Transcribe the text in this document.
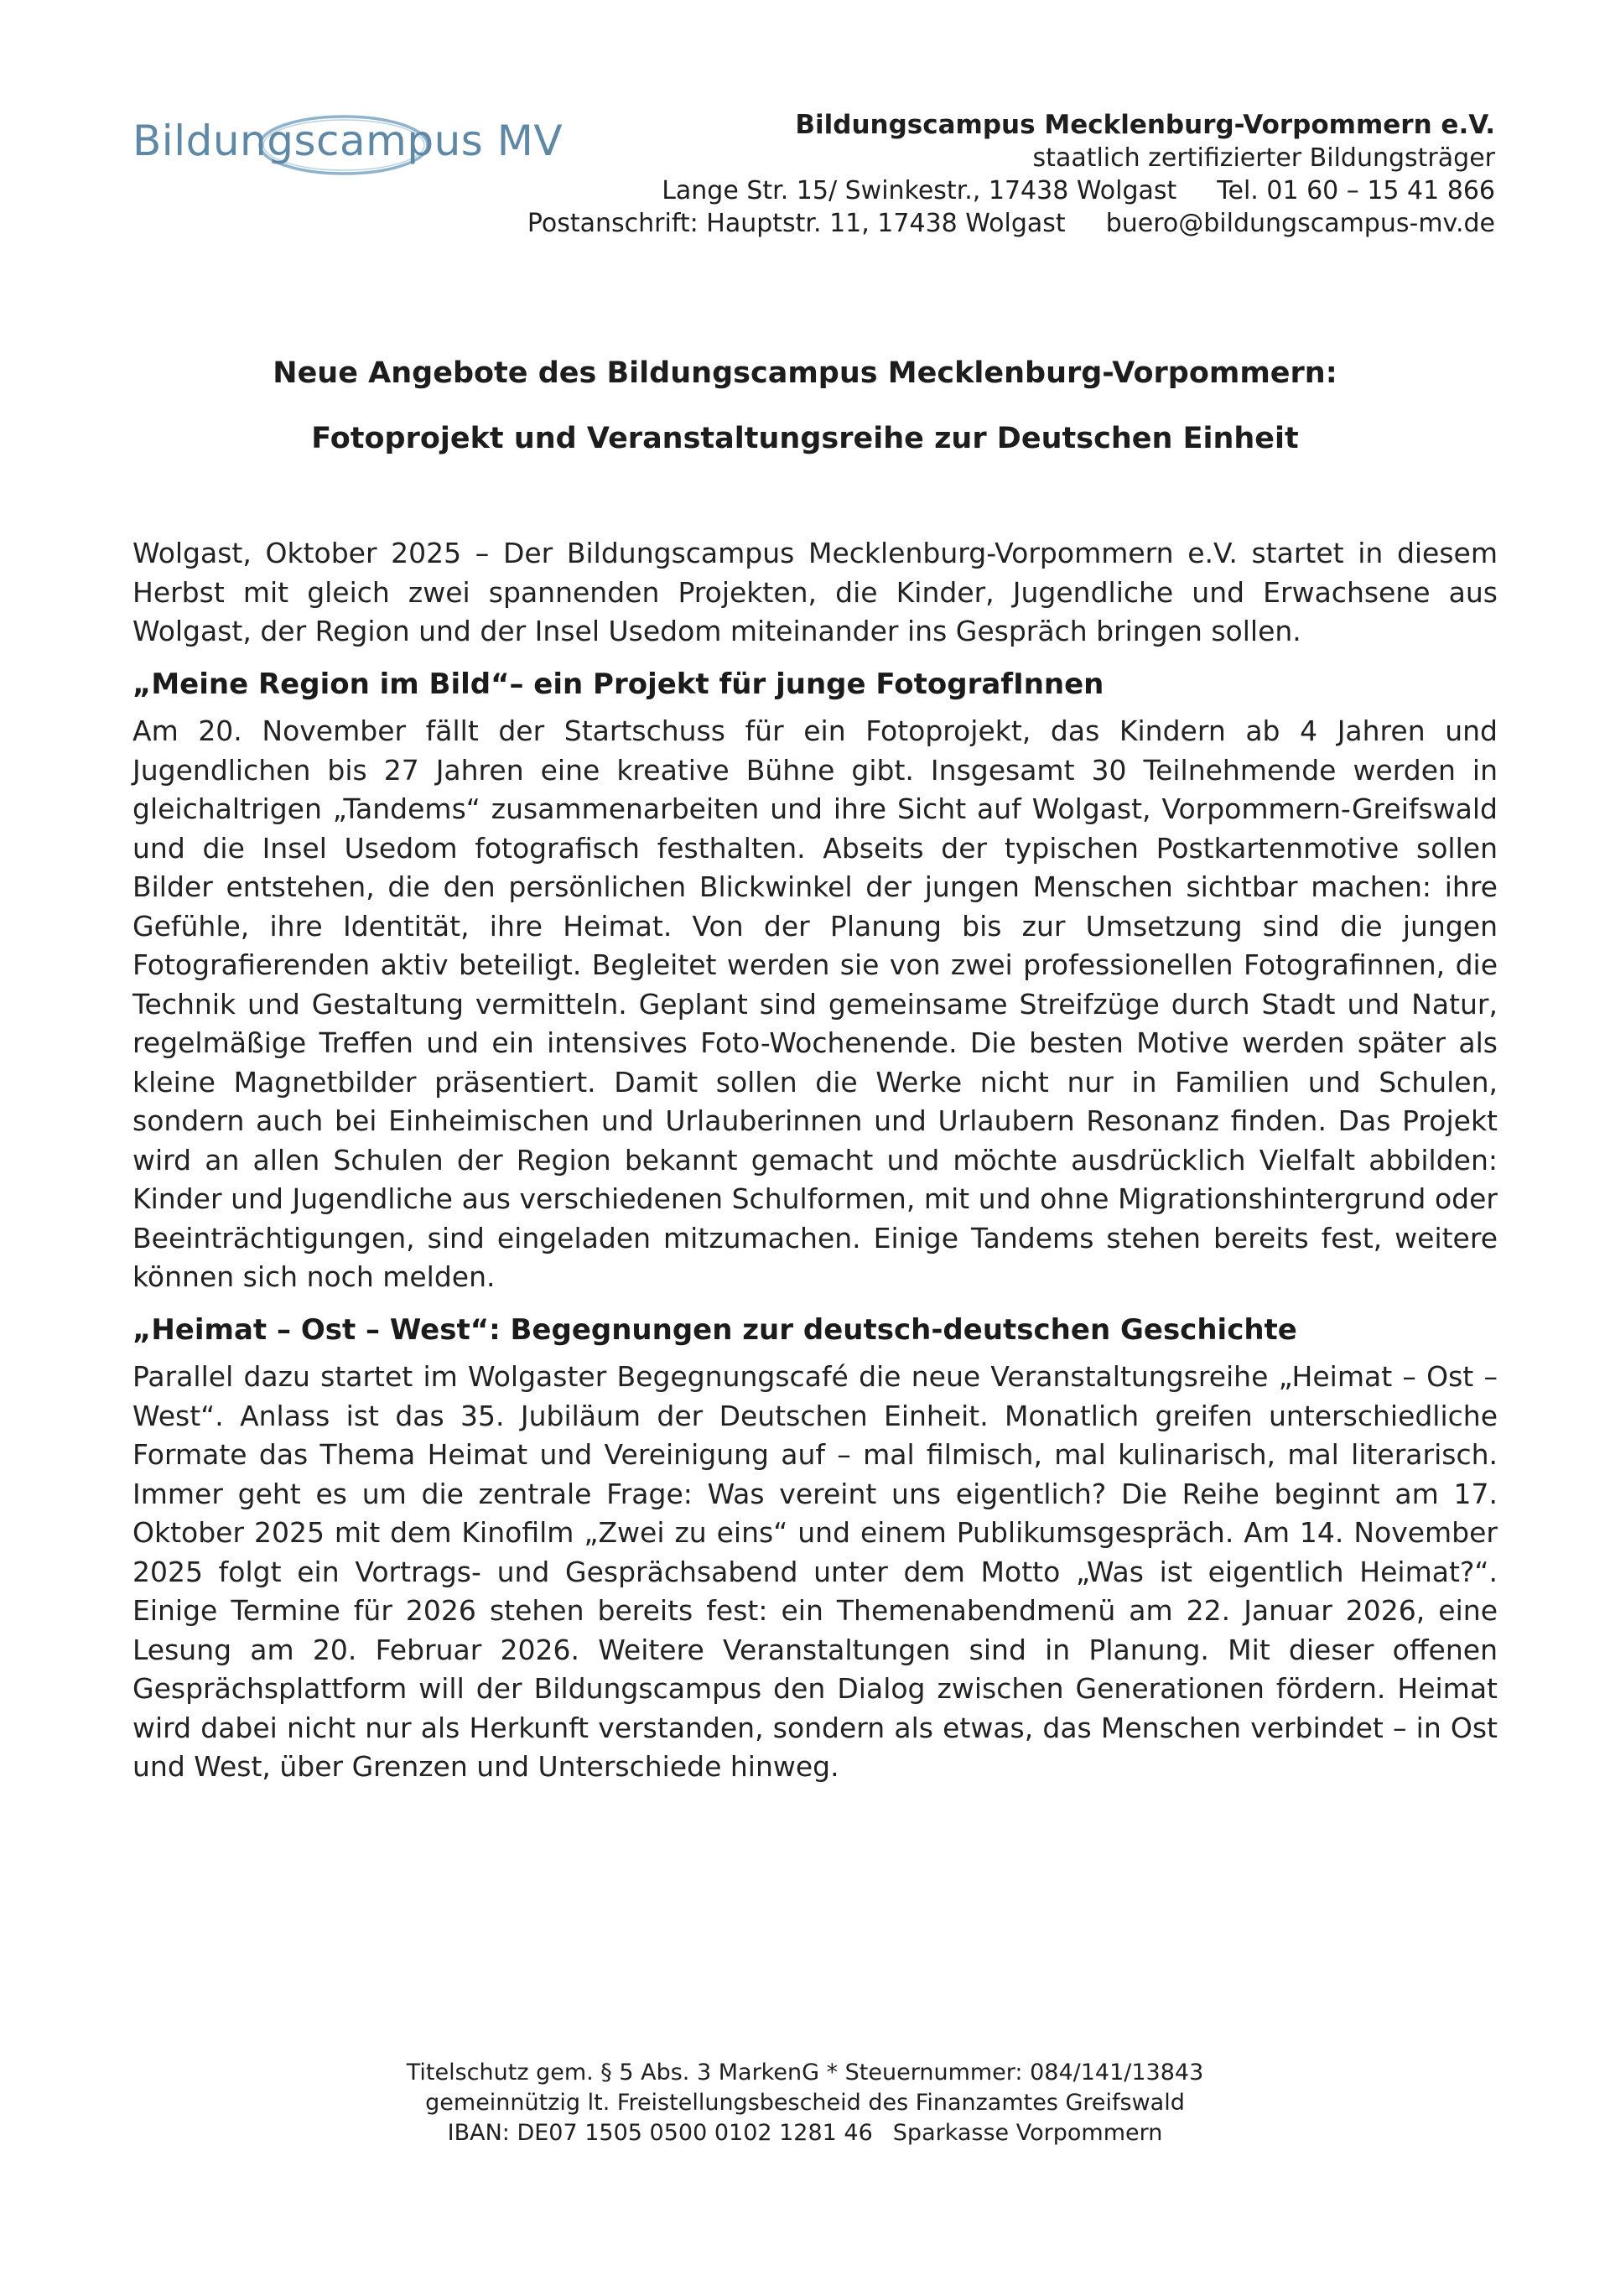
Bildungscampus MV	Bildungscampus Mecklenburg-Vorpommern e.V.
staatlich zertifizierter Bildungsträger
Lange Str. 15/ Swinkestr., 17438 Wolgast Tel. 01 60 – 15 41 866
Postanschrift: Hauptstr. 11, 17438 Wolgast buero@bildungscampus-mv.de
Neue Angebote des Bildungscampus Mecklenburg-Vorpommern:
Fotoprojekt und Veranstaltungsreihe zur Deutschen Einheit

Wolgast, Oktober 2025 – Der Bildungscampus Mecklenburg-Vorpommern e.V. startet in diesem Herbst mit gleich zwei spannenden Projekten, die Kinder, Jugendliche und Erwachsene aus Wolgast, der Region und der Insel Usedom miteinander ins Gespräch bringen sollen.

„Meine Region im Bild“– ein Projekt für junge FotografInnen

Am 20. November fällt der Startschuss für ein Fotoprojekt, das Kindern ab 4 Jahren und Jugendlichen bis 27 Jahren eine kreative Bühne gibt. Insgesamt 30 Teilnehmende werden in gleichaltrigen „Tandems“ zusammenarbeiten und ihre Sicht auf Wolgast, Vorpommern-Greifswald und die Insel Usedom fotografisch festhalten. Abseits der typischen Postkartenmotive sollen Bilder entstehen, die den persönlichen Blickwinkel der jungen Menschen sichtbar machen: ihre Gefühle, ihre Identität, ihre Heimat. Von der Planung bis zur Umsetzung sind die jungen Fotografierenden aktiv beteiligt. Begleitet werden sie von zwei professionellen Fotografinnen, die Technik und Gestaltung vermitteln. Geplant sind gemeinsame Streifzüge durch Stadt und Natur, regelmäßige Treffen und ein intensives Foto-Wochenende. Die besten Motive werden später als kleine Magnetbilder präsentiert. Damit sollen die Werke nicht nur in Familien und Schulen, sondern auch bei Einheimischen und Urlauberinnen und Urlaubern Resonanz finden. Das Projekt wird an allen Schulen der Region bekannt gemacht und möchte ausdrücklich Vielfalt abbilden: Kinder und Jugendliche aus verschiedenen Schulformen, mit und ohne Migrationshintergrund oder Beeinträchtigungen, sind eingeladen mitzumachen. Einige Tandems stehen bereits fest, weitere können sich noch melden.

„Heimat – Ost – West“: Begegnungen zur deutsch-deutschen Geschichte

Parallel dazu startet im Wolgaster Begegnungscafé die neue Veranstaltungsreihe „Heimat – Ost – West“. Anlass ist das 35. Jubiläum der Deutschen Einheit. Monatlich greifen unterschiedliche Formate das Thema Heimat und Vereinigung auf – mal filmisch, mal kulinarisch, mal literarisch. Immer geht es um die zentrale Frage: Was vereint uns eigentlich? Die Reihe beginnt am 17. Oktober 2025 mit dem Kinofilm „Zwei zu eins“ und einem Publikumsgespräch. Am 14. November 2025 folgt ein Vortrags- und Gesprächsabend unter dem Motto „Was ist eigentlich Heimat?“. Einige Termine für 2026 stehen bereits fest: ein Themenabendmenü am 22. Januar 2026, eine Lesung am 20. Februar 2026. Weitere Veranstaltungen sind in Planung. Mit dieser offenen Gesprächsplattform will der Bildungscampus den Dialog zwischen Generationen fördern. Heimat wird dabei nicht nur als Herkunft verstanden, sondern als etwas, das Menschen verbindet – in Ost und West, über Grenzen und Unterschiede hinweg.

Titelschutz gem. § 5 Abs. 3 MarkenG * Steuernummer: 084/141/13843
gemeinnützig lt. Freistellungsbescheid des Finanzamtes Greifswald
IBAN: DE07 1505 0500 0102 1281 46 Sparkasse Vorpommern
